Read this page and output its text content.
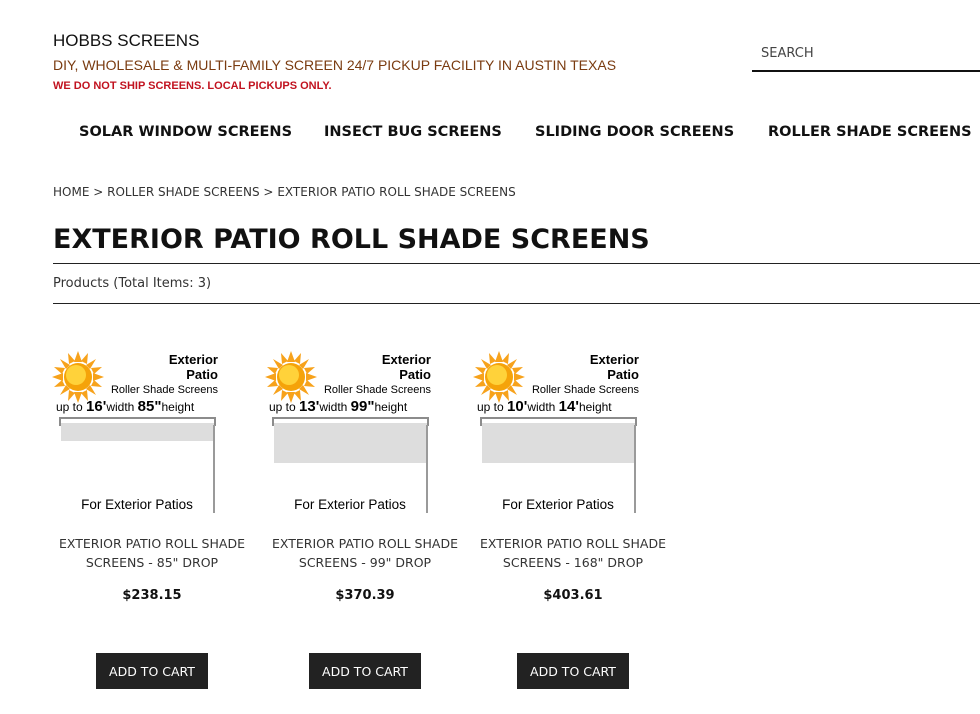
HOBBS SCREENS
DIY, WHOLESALE & MULTI-FAMILY SCREEN 24/7 PICKUP FACILITY IN AUSTIN TEXAS
WE DO NOT SHIP SCREENS. LOCAL PICKUPS ONLY.
SEARCH
SOLAR WINDOW SCREENS INSECT BUG SCREENS SLIDING DOOR SCREENS ROLLER SHADE SCREENS
HOME > ROLLER SHADE SCREENS > EXTERIOR PATIO ROLL SHADE SCREENS
EXTERIOR PATIO ROLL SHADE SCREENS
Products (Total Items: 3)
Exterior
Patio
Roller Shade Screens
up to 16'width 85"height
For Exterior Patios
EXTERIOR PATIO ROLL SHADE
SCREENS - 85" DROP
$238.15
ADD TO CART
Exterior
Patio
Roller Shade Screens
up to 13'width 99"height
For Exterior Patios
EXTERIOR PATIO ROLL SHADE
SCREENS - 99" DROP
$370.39
ADD TO CART
Exterior
Patio
Roller Shade Screens
up to 10'width 14'height
For Exterior Patios
EXTERIOR PATIO ROLL SHADE
SCREENS - 168" DROP
$403.61
ADD TO CART
